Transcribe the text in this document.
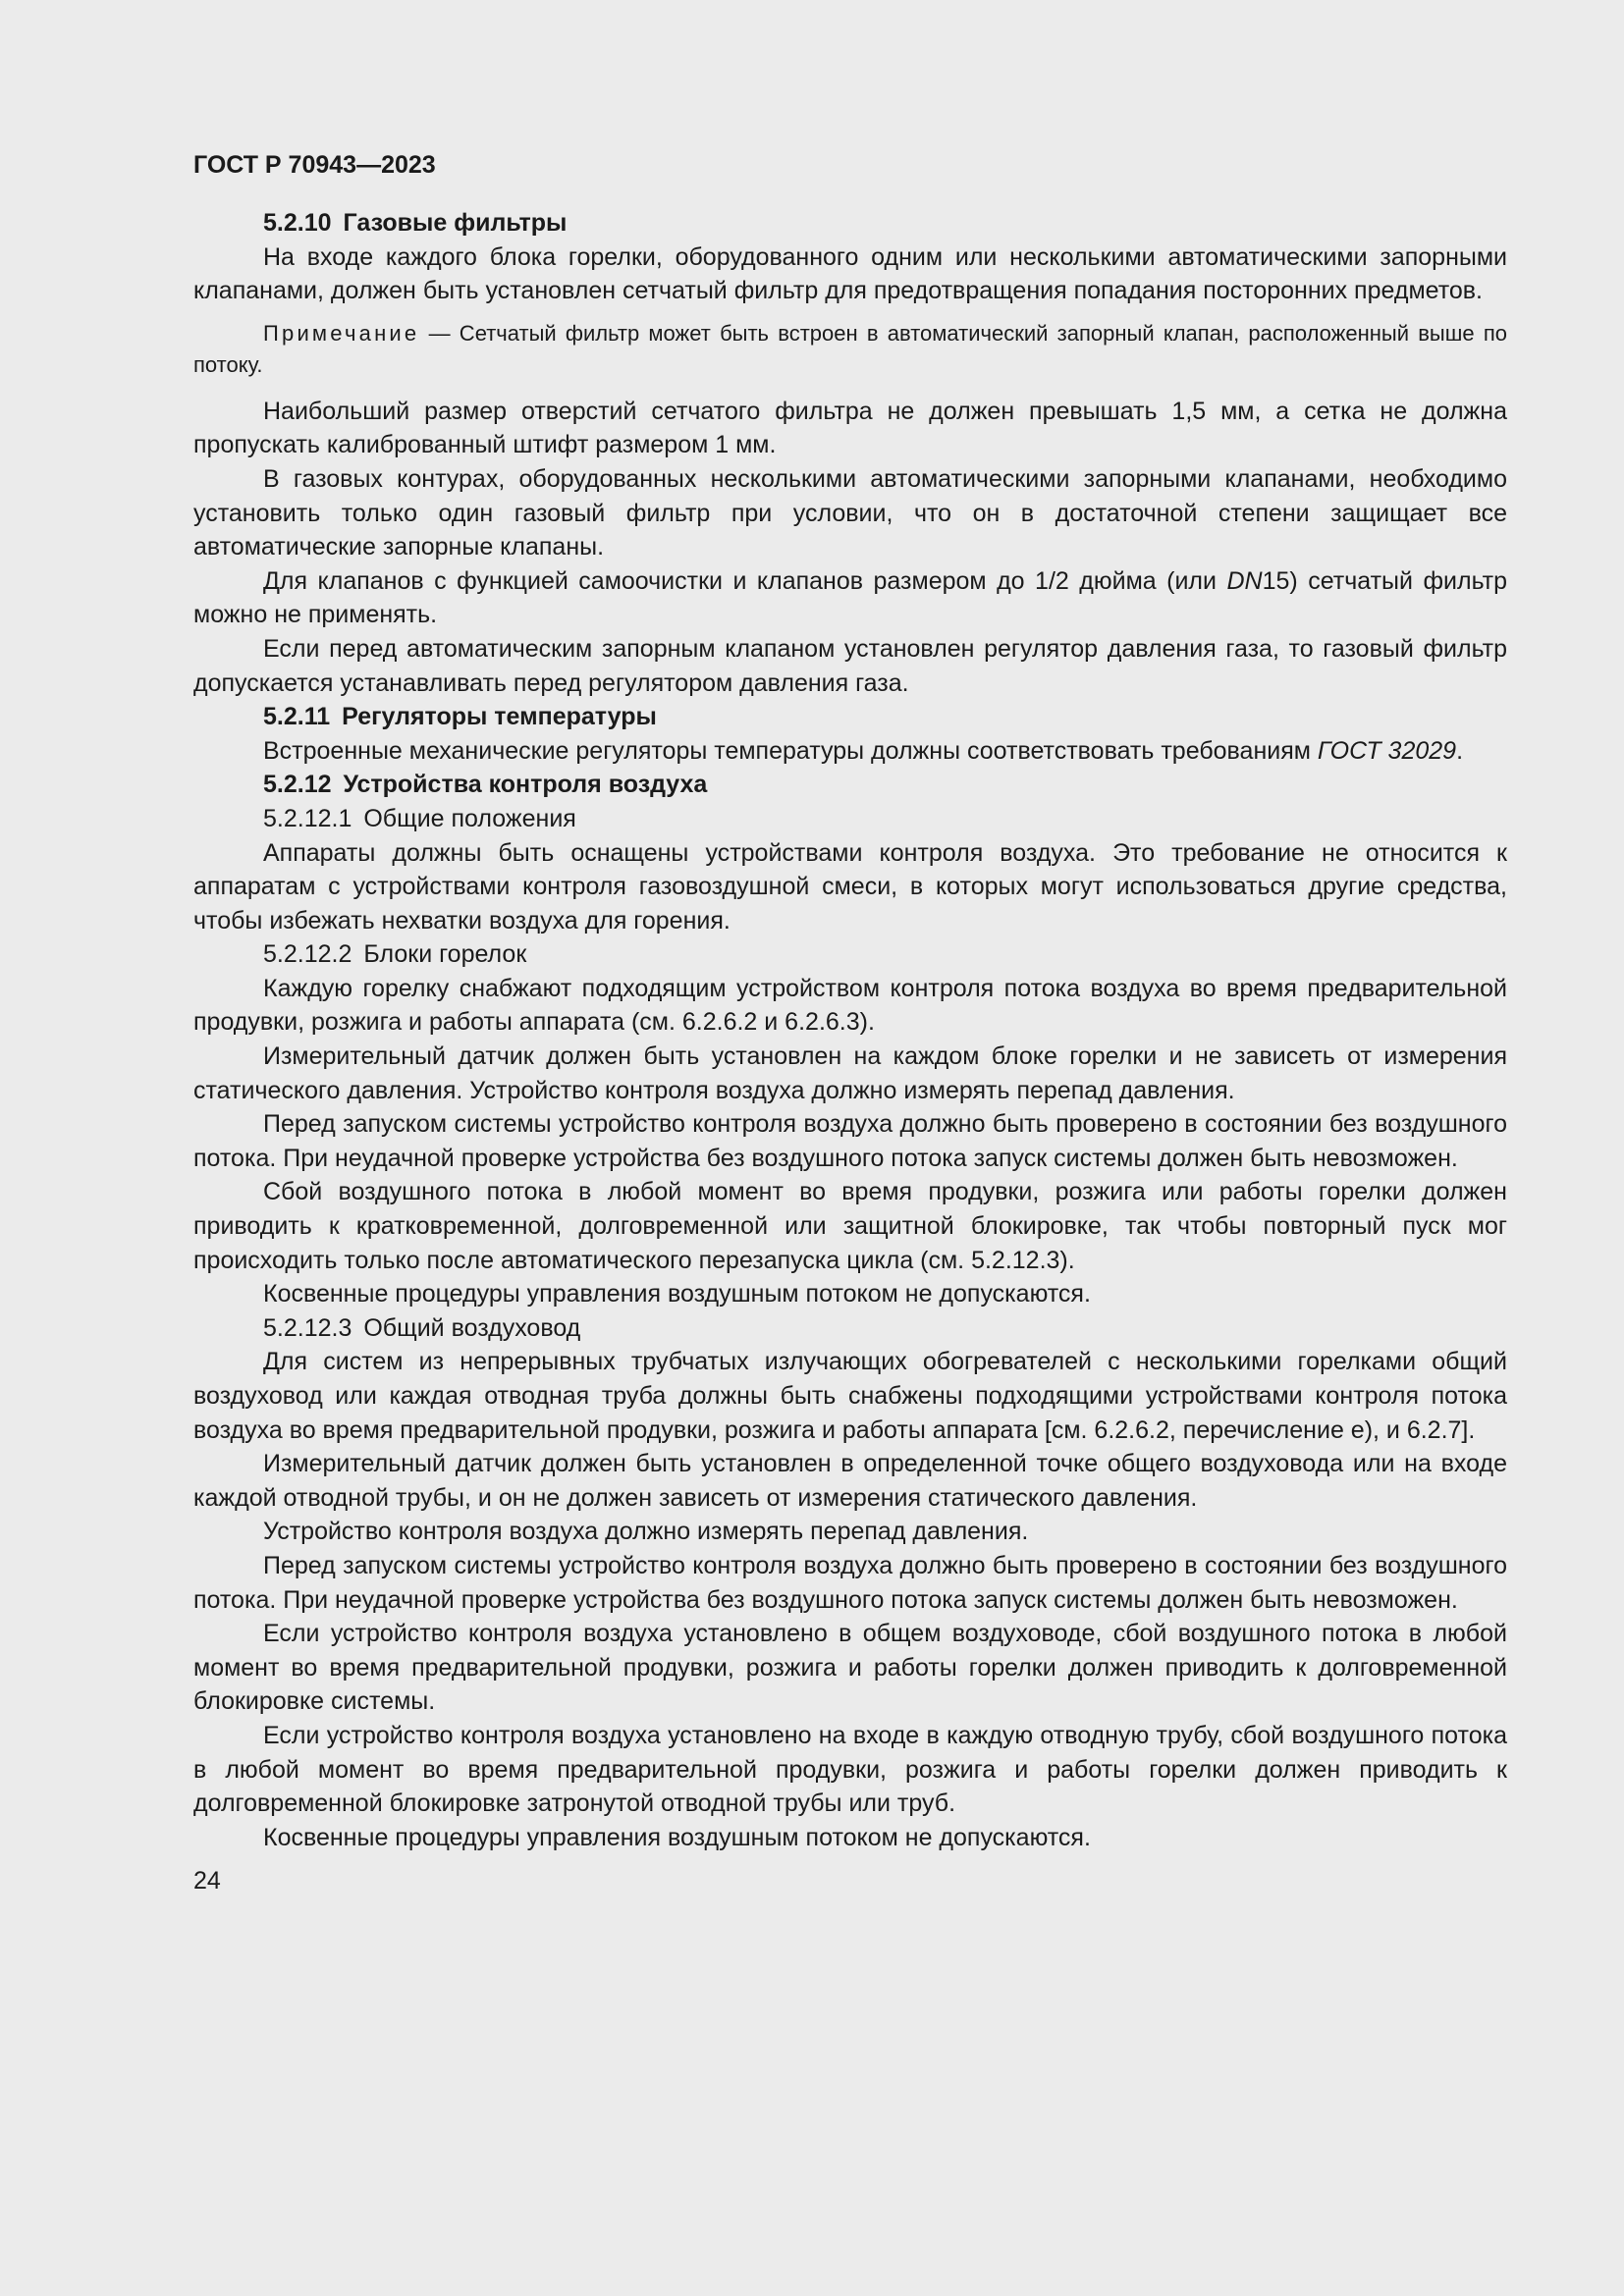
ГОСТ Р 70943—2023
5.2.10 Газовые фильтры

На входе каждого блока горелки, оборудованного одним или несколькими автоматическими запорными клапанами, должен быть установлен сетчатый фильтр для предотвращения попадания посторонних предметов.

Примечание — Сетчатый фильтр может быть встроен в автоматический запорный клапан, расположенный выше по потоку.

Наибольший размер отверстий сетчатого фильтра не должен превышать 1,5 мм, а сетка не должна пропускать калиброванный штифт размером 1 мм.

В газовых контурах, оборудованных несколькими автоматическими запорными клапанами, необходимо установить только один газовый фильтр при условии, что он в достаточной степени защищает все автоматические запорные клапаны.

Для клапанов с функцией самоочистки и клапанов размером до 1/2 дюйма (или DN15) сетчатый фильтр можно не применять.

Если перед автоматическим запорным клапаном установлен регулятор давления газа, то газовый фильтр допускается устанавливать перед регулятором давления газа.

5.2.11 Регуляторы температуры

Встроенные механические регуляторы температуры должны соответствовать требованиям ГОСТ 32029.

5.2.12 Устройства контроля воздуха
5.2.12.1 Общие положения

Аппараты должны быть оснащены устройствами контроля воздуха. Это требование не относится к аппаратам с устройствами контроля газовоздушной смеси, в которых могут использоваться другие средства, чтобы избежать нехватки воздуха для горения.

5.2.12.2 Блоки горелок

Каждую горелку снабжают подходящим устройством контроля потока воздуха во время предварительной продувки, розжига и работы аппарата (см. 6.2.6.2 и 6.2.6.3).

Измерительный датчик должен быть установлен на каждом блоке горелки и не зависеть от измерения статического давления. Устройство контроля воздуха должно измерять перепад давления.

Перед запуском системы устройство контроля воздуха должно быть проверено в состоянии без воздушного потока. При неудачной проверке устройства без воздушного потока запуск системы должен быть невозможен.

Сбой воздушного потока в любой момент во время продувки, розжига или работы горелки должен приводить к кратковременной, долговременной или защитной блокировке, так чтобы повторный пуск мог происходить только после автоматического перезапуска цикла (см. 5.2.12.3).

Косвенные процедуры управления воздушным потоком не допускаются.

5.2.12.3 Общий воздуховод

Для систем из непрерывных трубчатых излучающих обогревателей с несколькими горелками общий воздуховод или каждая отводная труба должны быть снабжены подходящими устройствами контроля потока воздуха во время предварительной продувки, розжига и работы аппарата [см. 6.2.6.2, перечисление е), и 6.2.7].

Измерительный датчик должен быть установлен в определенной точке общего воздуховода или на входе каждой отводной трубы, и он не должен зависеть от измерения статического давления.

Устройство контроля воздуха должно измерять перепад давления.

Перед запуском системы устройство контроля воздуха должно быть проверено в состоянии без воздушного потока. При неудачной проверке устройства без воздушного потока запуск системы должен быть невозможен.

Если устройство контроля воздуха установлено в общем воздуховоде, сбой воздушного потока в любой момент во время предварительной продувки, розжига и работы горелки должен приводить к долговременной блокировке системы.

Если устройство контроля воздуха установлено на входе в каждую отводную трубу, сбой воздушного потока в любой момент во время предварительной продувки, розжига и работы горелки должен приводить к долговременной блокировке затронутой отводной трубы или труб.

Косвенные процедуры управления воздушным потоком не допускаются.

24
